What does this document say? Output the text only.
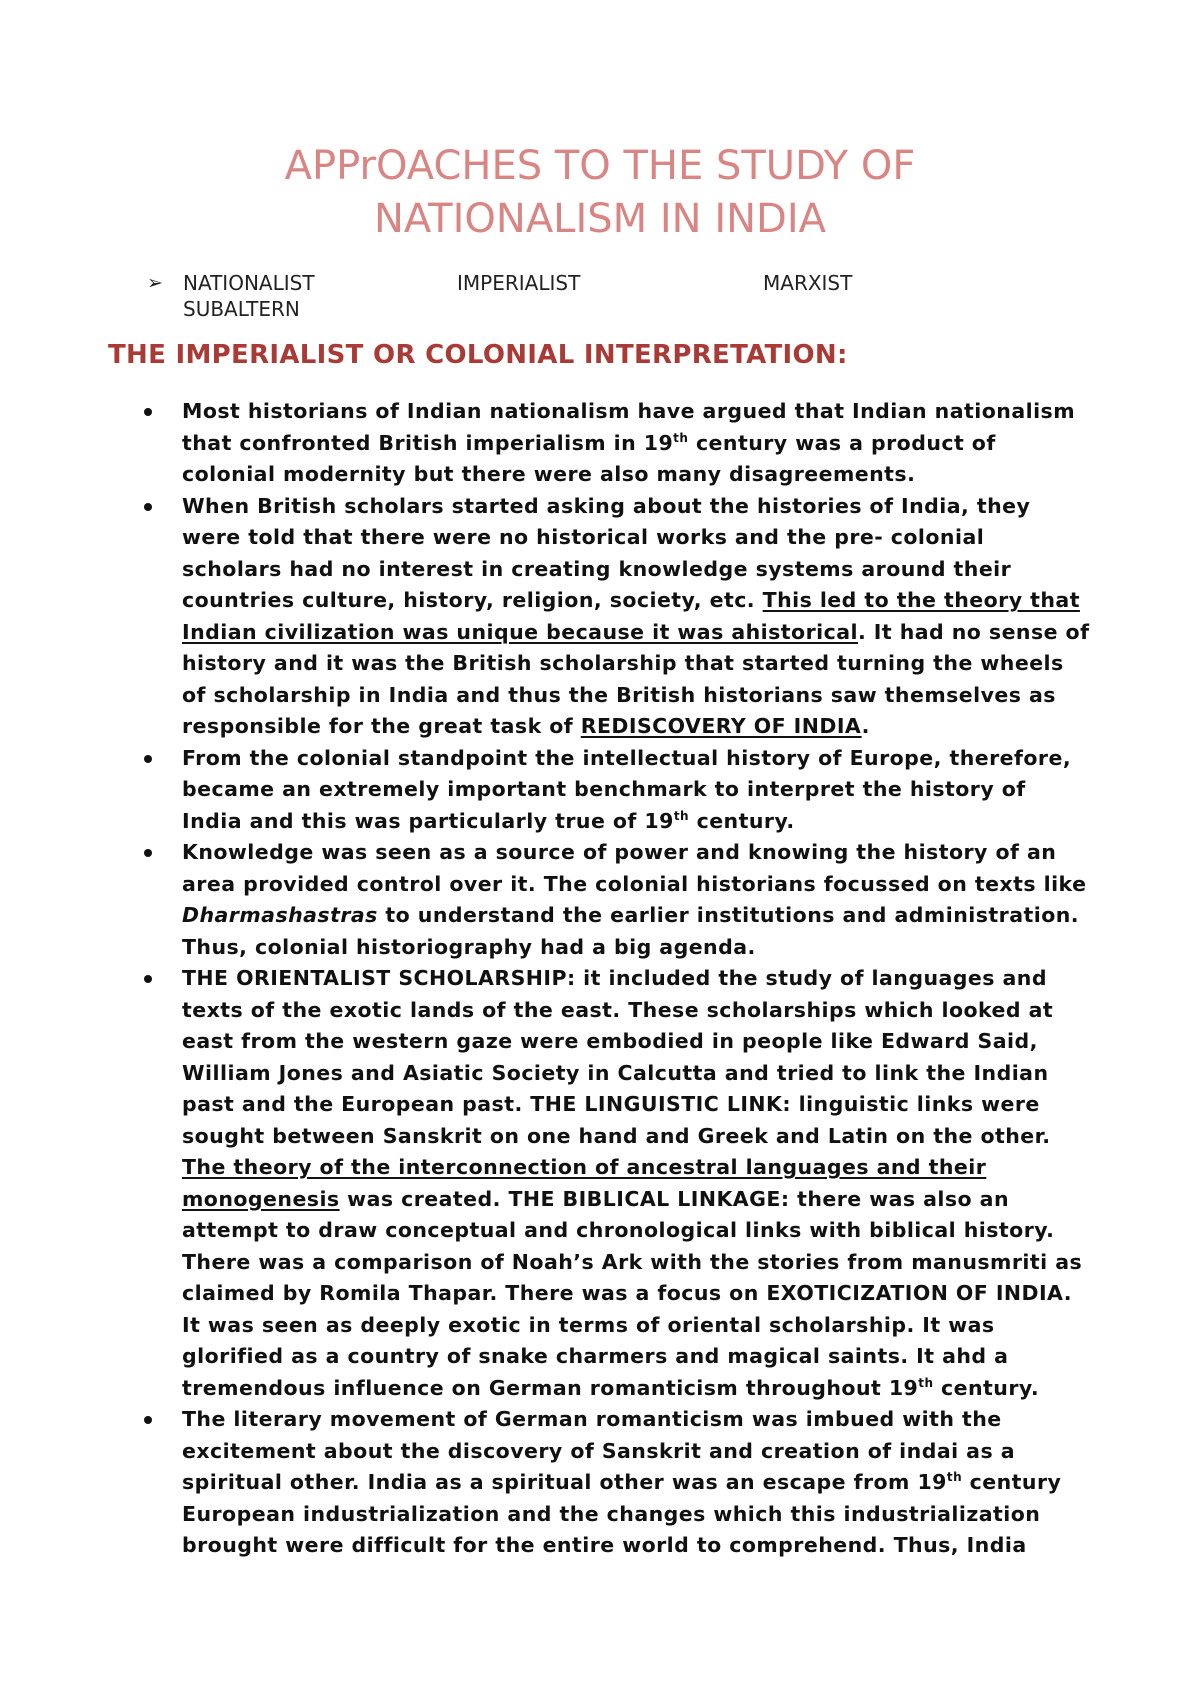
APPrOACHES TO THE STUDY OF
NATIONALISM IN INDIA
➢ NATIONALIST	IMPERIALIST	MARXIST
SUBALTERN
THE IMPERIALIST OR COLONIAL INTERPRETATION:
Most historians of Indian nationalism have argued that Indian nationalism that confronted British imperialism in 19th century was a product of colonial modernity but there were also many disagreements.
When British scholars started asking about the histories of India, they were told that there were no historical works and the pre- colonial scholars had no interest in creating knowledge systems around their countries culture, history, religion, society, etc. This led to the theory that Indian civilization was unique because it was ahistorical. It had no sense of history and it was the British scholarship that started turning the wheels of scholarship in India and thus the British historians saw themselves as responsible for the great task of REDISCOVERY OF INDIA.
From the colonial standpoint the intellectual history of Europe, therefore, became an extremely important benchmark to interpret the history of India and this was particularly true of 19th century.
Knowledge was seen as a source of power and knowing the history of an area provided control over it. The colonial historians focussed on texts like Dharmashastras to understand the earlier institutions and administration. Thus, colonial historiography had a big agenda.
THE ORIENTALIST SCHOLARSHIP: it included the study of languages and texts of the exotic lands of the east. These scholarships which looked at east from the western gaze were embodied in people like Edward Said, William Jones and Asiatic Society in Calcutta and tried to link the Indian past and the European past. THE LINGUISTIC LINK: linguistic links were sought between Sanskrit on one hand and Greek and Latin on the other. The theory of the interconnection of ancestral languages and their monogenesis was created. THE BIBLICAL LINKAGE: there was also an attempt to draw conceptual and chronological links with biblical history. There was a comparison of Noah’s Ark with the stories from manusmriti as claimed by Romila Thapar. There was a focus on EXOTICIZATION OF INDIA. It was seen as deeply exotic in terms of oriental scholarship. It was glorified as a country of snake charmers and magical saints. It ahd a tremendous influence on German romanticism throughout 19th century.
The literary movement of German romanticism was imbued with the excitement about the discovery of Sanskrit and creation of indai as a spiritual other. India as a spiritual other was an escape from 19th century European industrialization and the changes which this industrialization brought were difficult for the entire world to comprehend. Thus, India
